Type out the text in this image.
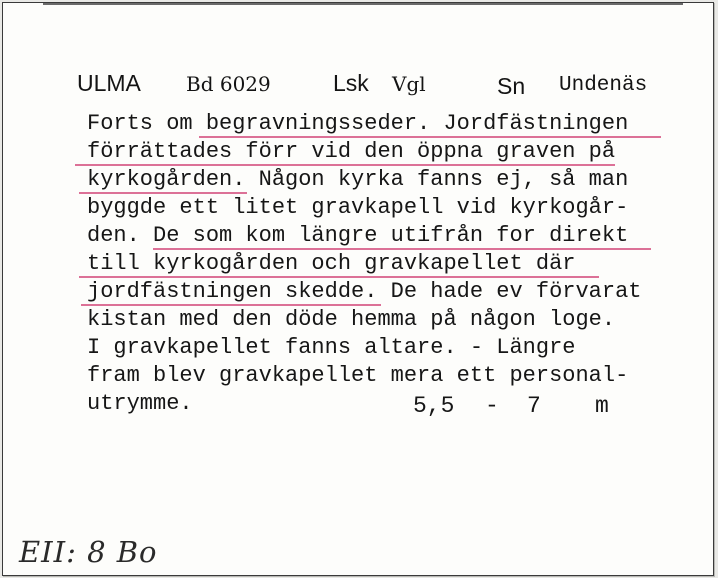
ULMA Bd 6029	Lsk Vgl	Sn Undenäs
Forts om begravningsseder. Jordfästningen
förrättades förr vid den öppna graven på
kyrkogården. Någon kyrka fanns ej, så man
byggde ett litet gravkapell vid kyrkogår-
den. De som kom längre utifrån for direkt
till kyrkogården och gravkapellet där
jordfästningen skedde. De hade ev förvarat
kistan med den döde hemma på någon loge.
I gravkapellet fanns altare. - Längre
fram blev gravkapellet mera ett personal-
utrymme.	5,5 - 7 m
EII: 8 Bo
